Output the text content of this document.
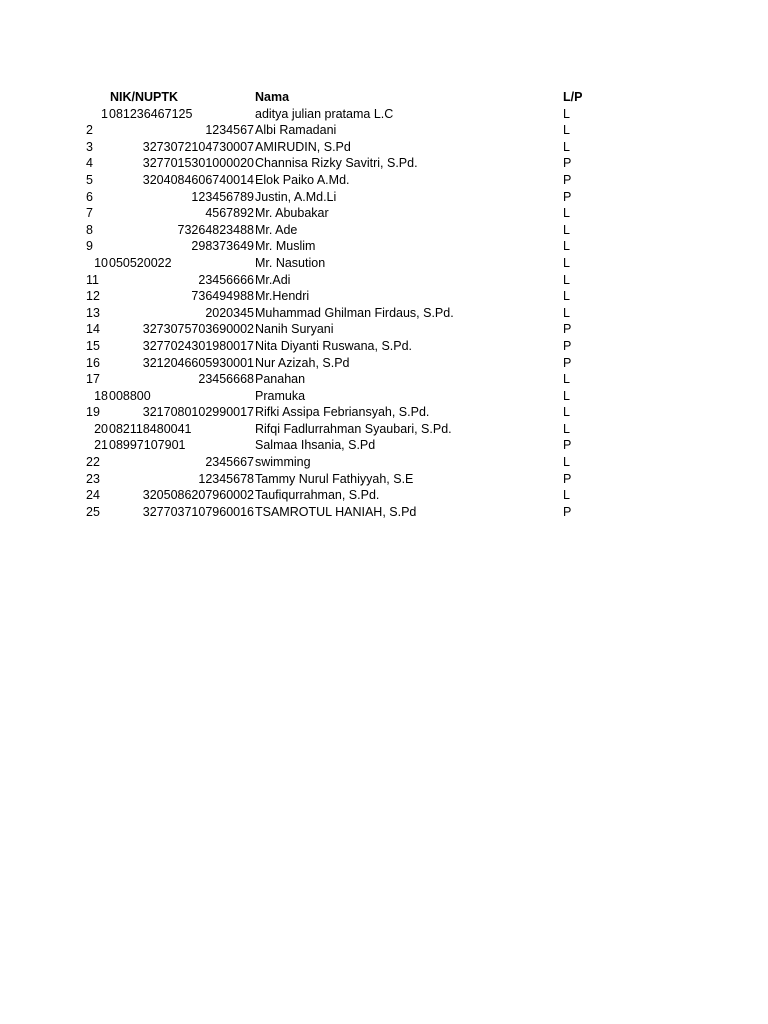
NIK/NUPTK	Nama	L/P
1 081236467125	aditya julian pratama L.C	L
2	1234567 Albi Ramadani	L
3	3273072104730007 AMIRUDIN, S.Pd	L
4	3277015301000020 Channisa Rizky Savitri, S.Pd.	P
5	3204084606740014 Elok Paiko A.Md.	P
6	123456789 Justin, A.Md.Li	P
7	4567892 Mr. Abubakar	L
8	73264823488 Mr. Ade	L
9	298373649 Mr. Muslim	L
10 050520022	Mr. Nasution	L
11	23456666 Mr.Adi	L
12	736494988 Mr.Hendri	L
13	2020345 Muhammad Ghilman Firdaus, S.Pd.	L
14	3273075703690002 Nanih Suryani	P
15	3277024301980017 Nita Diyanti Ruswana, S.Pd.	P
16	3212046605930001 Nur Azizah, S.Pd	P
17	23456668 Panahan	L
18 008800	Pramuka	L
19	3217080102990017 Rifki Assipa Febriansyah, S.Pd.	L
20 082118480041	Rifqi Fadlurrahman Syaubari, S.Pd.	L
21 08997107901	Salmaa Ihsania, S.Pd	P
22	2345667 swimming	L
23	12345678 Tammy Nurul Fathiyyah, S.E	P
24	3205086207960002 Taufiqurrahman, S.Pd.	L
25	3277037107960016 TSAMROTUL HANIAH, S.Pd	P
